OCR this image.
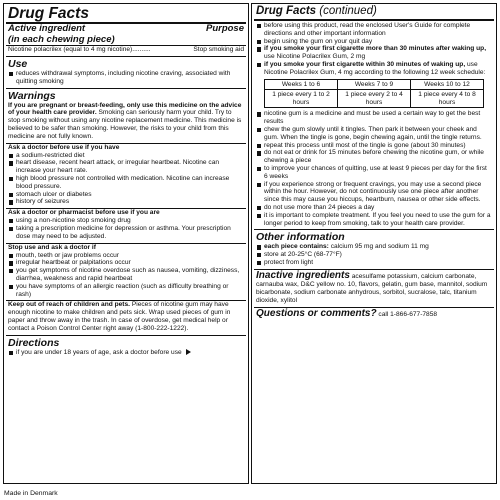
Drug Facts
Active ingredient	Purpose
(in each chewing piece)
Nicotine polacrilex (equal to 4 mg nicotine)..........	Stop smoking aid
Use
reduces withdrawal symptoms, including nicotine craving, associated with quitting smoking
Warnings
If you are pregnant or breast-feeding, only use this medicine on the advice of your health care provider. Smoking can seriously harm your child. Try to stop smoking without using any nicotine replacement medicine. This medicine is believed to be safer than smoking. However, the risks to your child from this medicine are not fully known.
Ask a doctor before use if you have
a sodium-restricted diet
heart disease, recent heart attack, or irregular heartbeat. Nicotine can increase your heart rate.
high blood pressure not controlled with medication. Nicotine can increase blood pressure.
stomach ulcer or diabetes
history of seizures
Ask a doctor or pharmacist before use if you are
using a non-nicotine stop smoking drug
taking a prescription medicine for depression or asthma. Your prescription dose may need to be adjusted.
Stop use and ask a doctor if
mouth, teeth or jaw problems occur
irregular heartbeat or palpitations occur
you get symptoms of nicotine overdose such as nausea, vomiting, dizziness, diarrhea, weakness and rapid heartbeat
you have symptoms of an allergic reaction (such as difficulty breathing or rash)
Keep out of reach of children and pets. Pieces of nicotine gum may have enough nicotine to make children and pets sick. Wrap used pieces of gum in paper and throw away in the trash. In case of overdose, get medical help or contact a Poison Control Center right away (1-800-222-1222).
Directions
if you are under 18 years of age, ask a doctor before use
Drug Facts (continued)
before using this product, read the enclosed User's Guide for complete directions and other important information
begin using the gum on your quit day
if you smoke your first cigarette more than 30 minutes after waking up, use Nicotine Polacrilex Gum, 2 mg
if you smoke your first cigarette within 30 minutes of waking up, use Nicotine Polacrilex Gum, 4 mg according to the following 12 week schedule:
Weeks 1 to 6	Weeks 7 to 9	Weeks 10 to 12
1 piece every 1 to 2 hours	1 piece every 2 to 4 hours	1 piece every 4 to 8 hours
nicotine gum is a medicine and must be used a certain way to get the best results
chew the gum slowly until it tingles. Then park it between your cheek and gum. When the tingle is gone, begin chewing again, until the tingle returns.
repeat this process until most of the tingle is gone (about 30 minutes)
do not eat or drink for 15 minutes before chewing the nicotine gum, or while chewing a piece
to improve your chances of quitting, use at least 9 pieces per day for the first 6 weeks
if you experience strong or frequent cravings, you may use a second piece within the hour. However, do not continuously use one piece after another since this may cause you hiccups, heartburn, nausea or other side effects.
do not use more than 24 pieces a day
it is important to complete treatment. If you feel you need to use the gum for a longer period to keep from smoking, talk to your health care provider.
Other information
each piece contains: calcium 95 mg and sodium 11 mg
store at 20-25°C (68-77°F)
protect from light
Inactive ingredients acesulfame potassium, calcium carbonate, carnauba wax, D&C yellow no. 10, flavors, gelatin, gum base, mannitol, sodium bicarbonate, sodium carbonate anhydrous, sorbitol, sucralose, talc, titanium dioxide, xylitol
Questions or comments? call 1-866-677-7858
Made in Denmark
